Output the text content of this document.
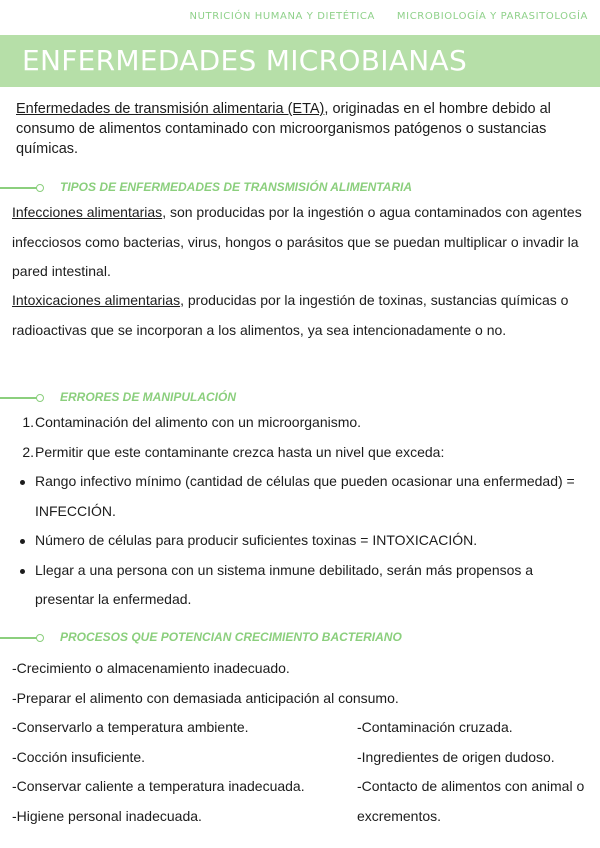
NUTRICIÓN HUMANA Y DIETÉTICA MICROBIOLOGÍA Y PARASITOLOGÍA
ENFERMEDADES MICROBIANAS

Enfermedades de transmisión alimentaria (ETA), originadas en el hombre debido al consumo de alimentos contaminado con microorganismos patógenos o sustancias químicas.

TIPOS DE ENFERMEDADES DE TRANSMISIÓN ALIMENTARIA

Infecciones alimentarias, son producidas por la ingestión o agua contaminados con agentes infecciosos como bacterias, virus, hongos o parásitos que se puedan multiplicar o invadir la pared intestinal.

Intoxicaciones alimentarias, producidas por la ingestión de toxinas, sustancias químicas o radioactivas que se incorporan a los alimentos, ya sea intencionadamente o no.

ERRORES DE MANIPULACIÓN
1.Contaminación del alimento con un microorganismo.
2.Permitir que este contaminante crezca hasta un nivel que exceda:
Rango infectivo mínimo (cantidad de células que pueden ocasionar una enfermedad) = INFECCIÓN.
Número de células para producir suficientes toxinas = INTOXICACIÓN.
Llegar a una persona con un sistema inmune debilitado, serán más propensos a presentar la enfermedad.
PROCESOS QUE POTENCIAN CRECIMIENTO BACTERIANO
-Crecimiento o almacenamiento inadecuado.
-Preparar el alimento con demasiada anticipación al consumo.
-Conservarlo a temperatura ambiente.
-Cocción insuficiente.
-Conservar caliente a temperatura inadecuada.
-Higiene personal inadecuada.
-Contaminación cruzada.
-Ingredientes de origen dudoso.
-Contacto de alimentos con animal o excrementos.
